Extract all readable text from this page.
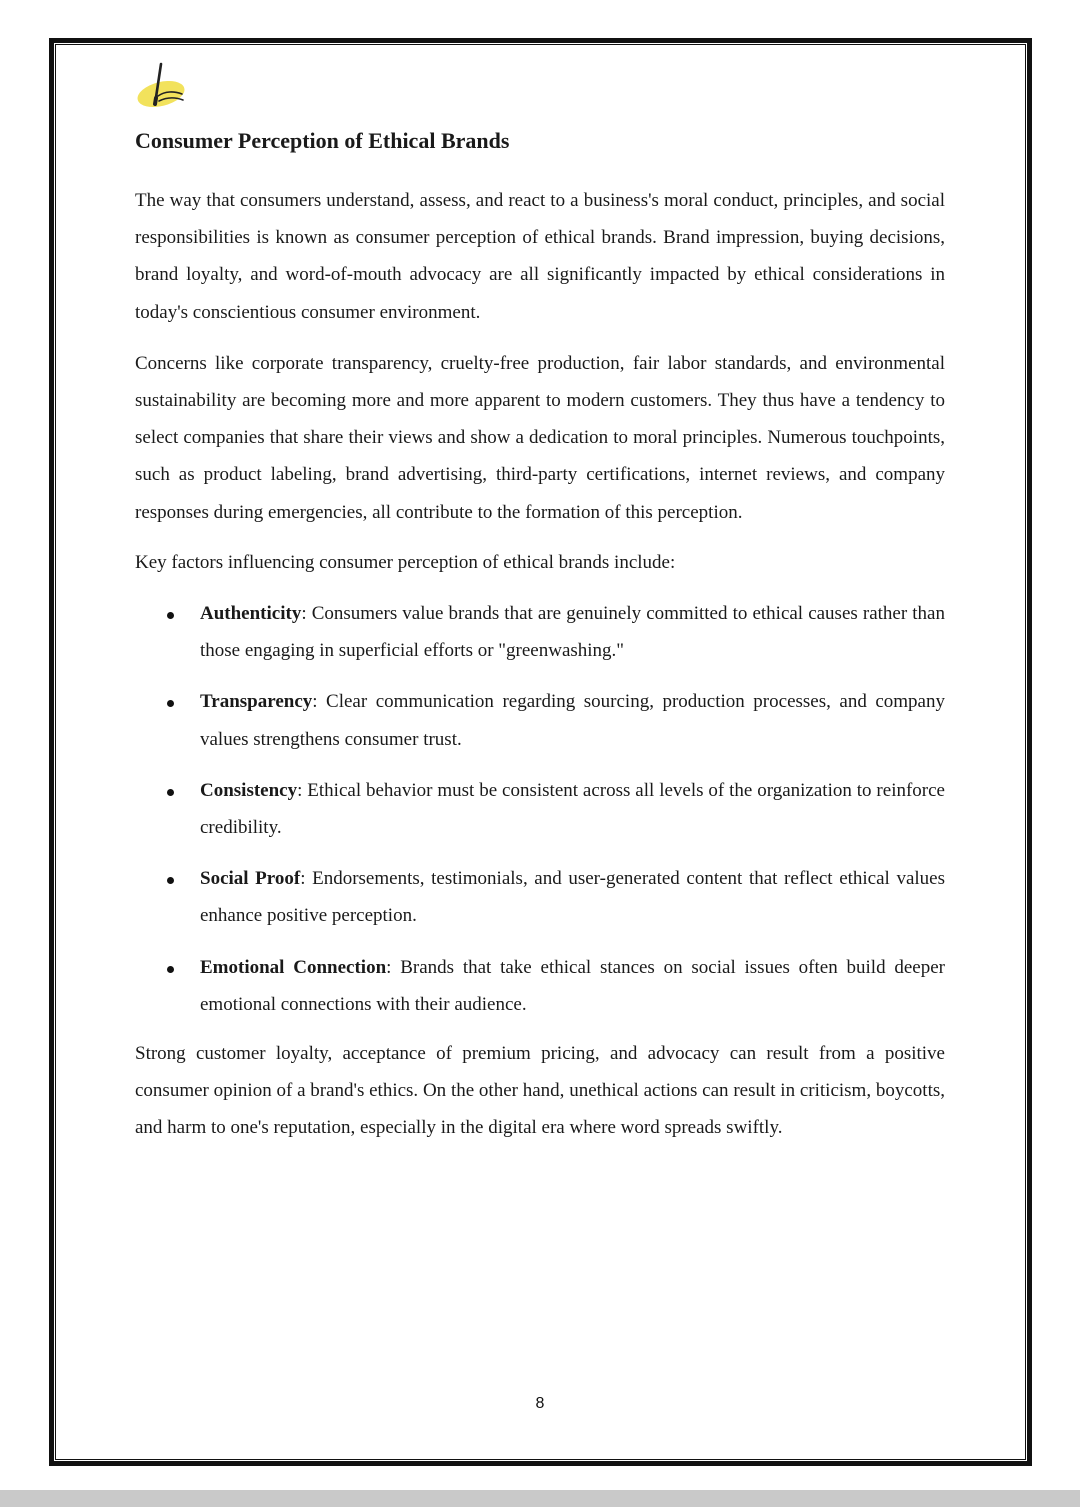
Consumer Perception of Ethical Brands

The way that consumers understand, assess, and react to a business's moral conduct, principles, and social responsibilities is known as consumer perception of ethical brands. Brand impression, buying decisions, brand loyalty, and word-of-mouth advocacy are all significantly impacted by ethical considerations in today's conscientious consumer environment.

Concerns like corporate transparency, cruelty-free production, fair labor standards, and environmental sustainability are becoming more and more apparent to modern customers. They thus have a tendency to select companies that share their views and show a dedication to moral principles. Numerous touchpoints, such as product labeling, brand advertising, third-party certifications, internet reviews, and company responses during emergencies, all contribute to the formation of this perception.

Key factors influencing consumer perception of ethical brands include:

Authenticity: Consumers value brands that are genuinely committed to ethical causes rather than those engaging in superficial efforts or "greenwashing."
Transparency: Clear communication regarding sourcing, production processes, and company values strengthens consumer trust.
Consistency: Ethical behavior must be consistent across all levels of the organization to reinforce credibility.
Social Proof: Endorsements, testimonials, and user-generated content that reflect ethical values enhance positive perception.
Emotional Connection: Brands that take ethical stances on social issues often build deeper emotional connections with their audience.

Strong customer loyalty, acceptance of premium pricing, and advocacy can result from a positive consumer opinion of a brand's ethics. On the other hand, unethical actions can result in criticism, boycotts, and harm to one's reputation, especially in the digital era where word spreads swiftly.

8
